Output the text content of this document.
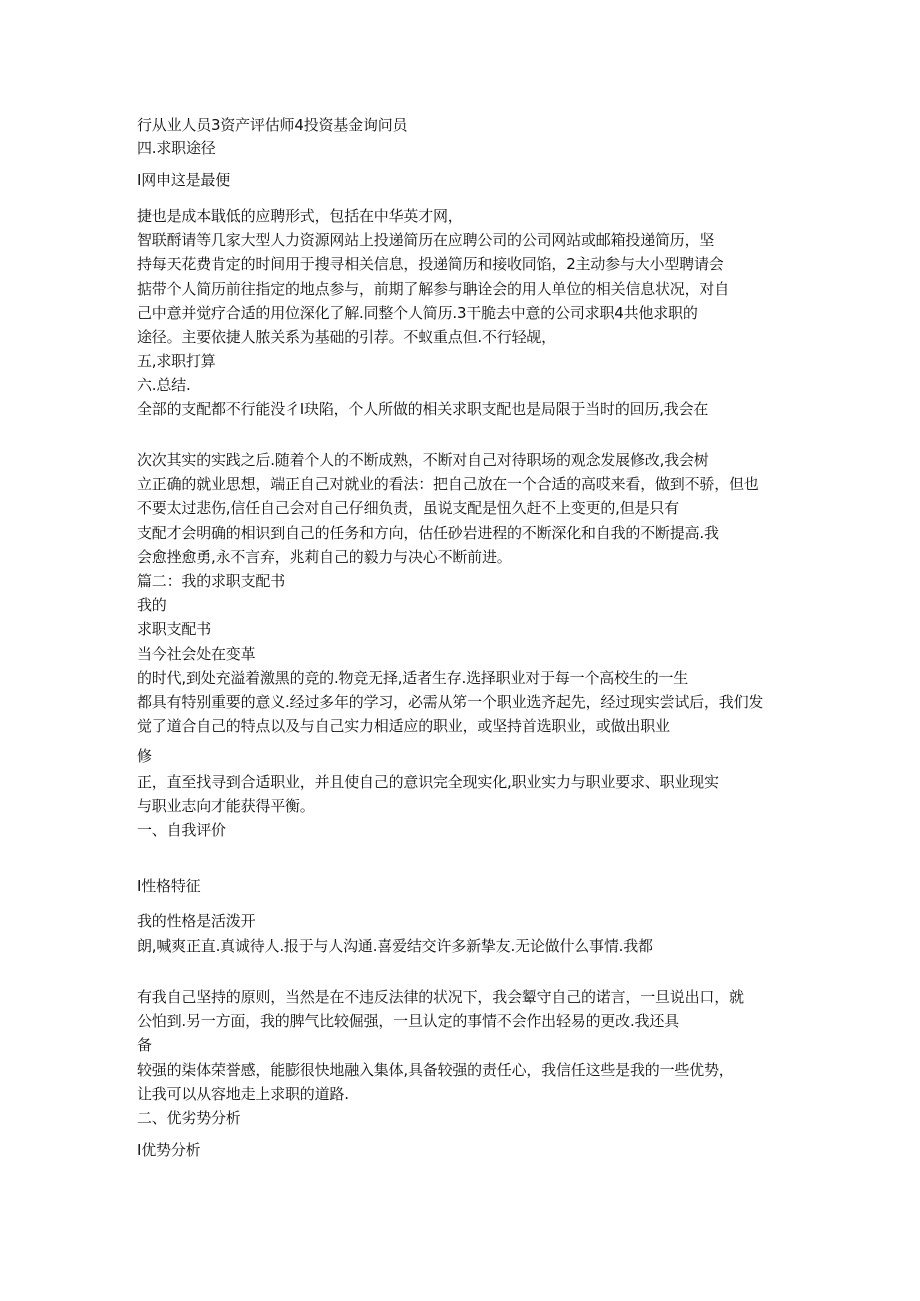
行从业人员3资产评估师4投资基金询问员
四.求职途径
I网申这是最便
捷也是成本戢低的应聘形式，包括在中华英才网，
智联酹请等几家大型人力资源网站上投递简历在应聘公司的公司网站或邮箱投递简历，坚
持每天花费肯定的时间用于搜寻相关信息，投递简历和接收同馅，2主动参与大小型聘请会
掂带个人简历前往指定的地点参与，前期了解参与聃诠会的用人单位的相关信息状况，对自
己中意并觉疗合适的用位深化了解.同整个人简历.3干脆去中意的公司求职4共他求职的
途径。主要依捷人脓关系为基础的引荐。不蚁重点但.不行轻觇，
五,求职打算
六.总结.
全部的支配都不行能没彳I玦陷，个人所做的相关求职支配也是局限于当时的回历,我会在
次次其实的实践之后.随着个人的不断成熟，不断对自己对待职场的观念发展修改,我会树
立正确的就业思想，端正自己对就业的看法：把自己放在一个合适的高哎来看，做到不骄，但也
不要太过悲伤,信任自己会对自己仔细负责，虽说支配是忸久赶不上变更的,但是只有
支配才会明确的相识到自己的任务和方向，估任砂岩进程的不断深化和自我的不断提高.我
会愈挫愈勇,永不言弃，兆莉自己的毅力与决心不断前进。
篇二：我的求职支配书
我的
求职支配书
当今社会处在变革
的时代,到处充溢着激黑的竞的.物竞无择,适者生存.选择职业对于每一个高校生的一生
都具有特别重要的意义.经过多年的学习，必需从笫一个职业选齐起先，经过现实尝试后，我们发
觉了道合自己的特点以及与自己实力相适应的职业，或坚持首选职业，或做出职业
修
正，直至找寻到合适职业，并且使自己的意识完全现实化,职业实力与职业要求、职业现实
与职业志向才能获得平衡。
一、自我评价
I性格特征
我的性格是活泼开
朗,喊爽正直.真诚待人.报于与人沟通.喜爱结交许多新挚友.无论做什么事情.我都
有我自己坚持的原则，当然是在不违反法律的状况下，我会颦守自己的诺言，一旦说出口，就
公怕到.另一方面，我的脾气比较倔强，一旦认定的事情不会作出轻易的更改.我还具
备
较强的柒体荣誉感，能膨很快地融入集体,具备较强的责任心，我信任这些是我的一些优势，
让我可以从容地走上求职的道路.
二、优劣势分析
I优势分析
